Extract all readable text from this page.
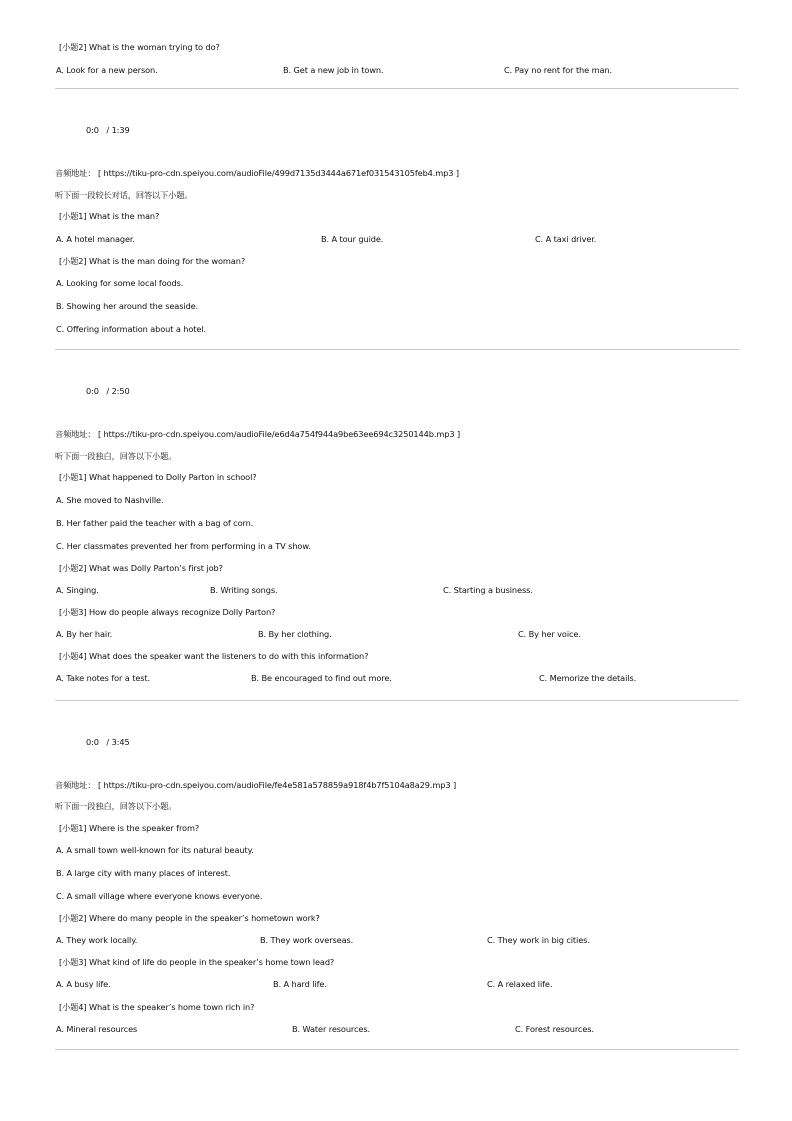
[小题2] What is the woman trying to do?
A. Look for a new person.	B. Get a new job in town.	C. Pay no rent for the man.
0:0 / 1:39
音频地址： [ https://tiku-pro-cdn.speiyou.com/audioFile/499d7135d3444a671ef031543105feb4.mp3 ]
听下面一段较长对话，回答以下小题。
[小题1] What is the man?
A. A hotel manager.	B. A tour guide.	C. A taxi driver.
[小题2] What is the man doing for the woman?
A. Looking for some local foods.
B. Showing her around the seaside.
C. Offering information about a hotel.
0:0 / 2:50
音频地址： [ https://tiku-pro-cdn.speiyou.com/audioFile/e6d4a754f944a9be63ee694c3250144b.mp3 ]
听下面一段独白，回答以下小题。
[小题1] What happened to Dolly Parton in school?
A. She moved to Nashville.
B. Her father paid the teacher with a bag of corn.
C. Her classmates prevented her from performing in a TV show.
[小题2] What was Dolly Parton’s first job?
A. Singing.	B. Writing songs.	C. Starting a business.
[小题3] How do people always recognize Dolly Parton?
A. By her hair.	B. By her clothing.	C. By her voice.
[小题4] What does the speaker want the listeners to do with this information?
A. Take notes for a test.	B. Be encouraged to find out more.	C. Memorize the details.
0:0 / 3:45
音频地址： [ https://tiku-pro-cdn.speiyou.com/audioFile/fe4e581a578859a918f4b7f5104a8a29.mp3 ]
听下面一段独白，回答以下小题。
[小题1] Where is the speaker from?
A. A small town well-known for its natural beauty.
B. A large city with many places of interest.
C. A small village where everyone knows everyone.
[小题2] Where do many people in the speaker’s hometown work?
A. They work locally.	B. They work overseas.	C. They work in big cities.
[小题3] What kind of life do people in the speaker’s home town lead?
A. A busy life.	B. A hard life.	C. A relaxed life.
[小题4] What is the speaker’s home town rich in?
A. Mineral resources	B. Water resources.	C. Forest resources.
